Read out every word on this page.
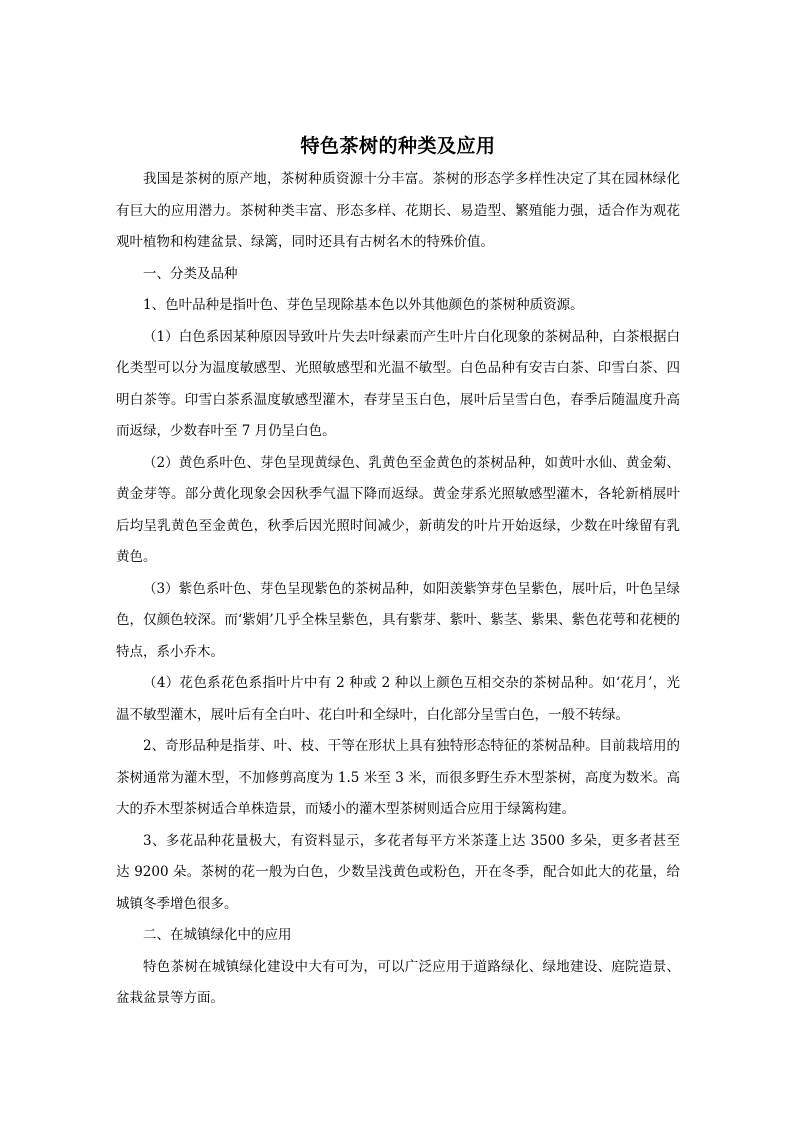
特色茶树的种类及应用

我国是茶树的原产地，茶树种质资源十分丰富。茶树的形态学多样性决定了其在园林绿化有巨大的应用潜力。茶树种类丰富、形态多样、花期长、易造型、繁殖能力强，适合作为观花观叶植物和构建盆景、绿篱，同时还具有古树名木的特殊价值。

一、分类及品种

1、色叶品种是指叶色、芽色呈现除基本色以外其他颜色的茶树种质资源。

（1）白色系因某种原因导致叶片失去叶绿素而产生叶片白化现象的茶树品种，白茶根据白化类型可以分为温度敏感型、光照敏感型和光温不敏型。白色品种有安吉白茶、印雪白茶、四明白茶等。印雪白茶系温度敏感型灌木，春芽呈玉白色，展叶后呈雪白色，春季后随温度升高而返绿，少数春叶至 7 月仍呈白色。

（2）黄色系叶色、芽色呈现黄绿色、乳黄色至金黄色的茶树品种，如黄叶水仙、黄金菊、黄金芽等。部分黄化现象会因秋季气温下降而返绿。黄金芽系光照敏感型灌木，各轮新梢展叶后均呈乳黄色至金黄色，秋季后因光照时间减少，新萌发的叶片开始返绿，少数在叶缘留有乳黄色。

（3）紫色系叶色、芽色呈现紫色的茶树品种，如阳羡紫笋芽色呈紫色，展叶后，叶色呈绿色，仅颜色较深。而‘紫娟’几乎全株呈紫色，具有紫芽、紫叶、紫茎、紫果、紫色花萼和花梗的特点，系小乔木。

（4）花色系花色系指叶片中有 2 种或 2 种以上颜色互相交杂的茶树品种。如‘花月’，光温不敏型灌木，展叶后有全白叶、花白叶和全绿叶，白化部分呈雪白色，一般不转绿。

2、奇形品种是指芽、叶、枝、干等在形状上具有独特形态特征的茶树品种。目前栽培用的茶树通常为灌木型，不加修剪高度为 1.5 米至 3 米，而很多野生乔木型茶树，高度为数米。高大的乔木型茶树适合单株造景，而矮小的灌木型茶树则适合应用于绿篱构建。

3、多花品种花量极大，有资料显示，多花者每平方米茶蓬上达 3500 多朵，更多者甚至达 9200 朵。茶树的花一般为白色，少数呈浅黄色或粉色，开在冬季，配合如此大的花量，给城镇冬季增色很多。

二、在城镇绿化中的应用

特色茶树在城镇绿化建设中大有可为，可以广泛应用于道路绿化、绿地建设、庭院造景、盆栽盆景等方面。
